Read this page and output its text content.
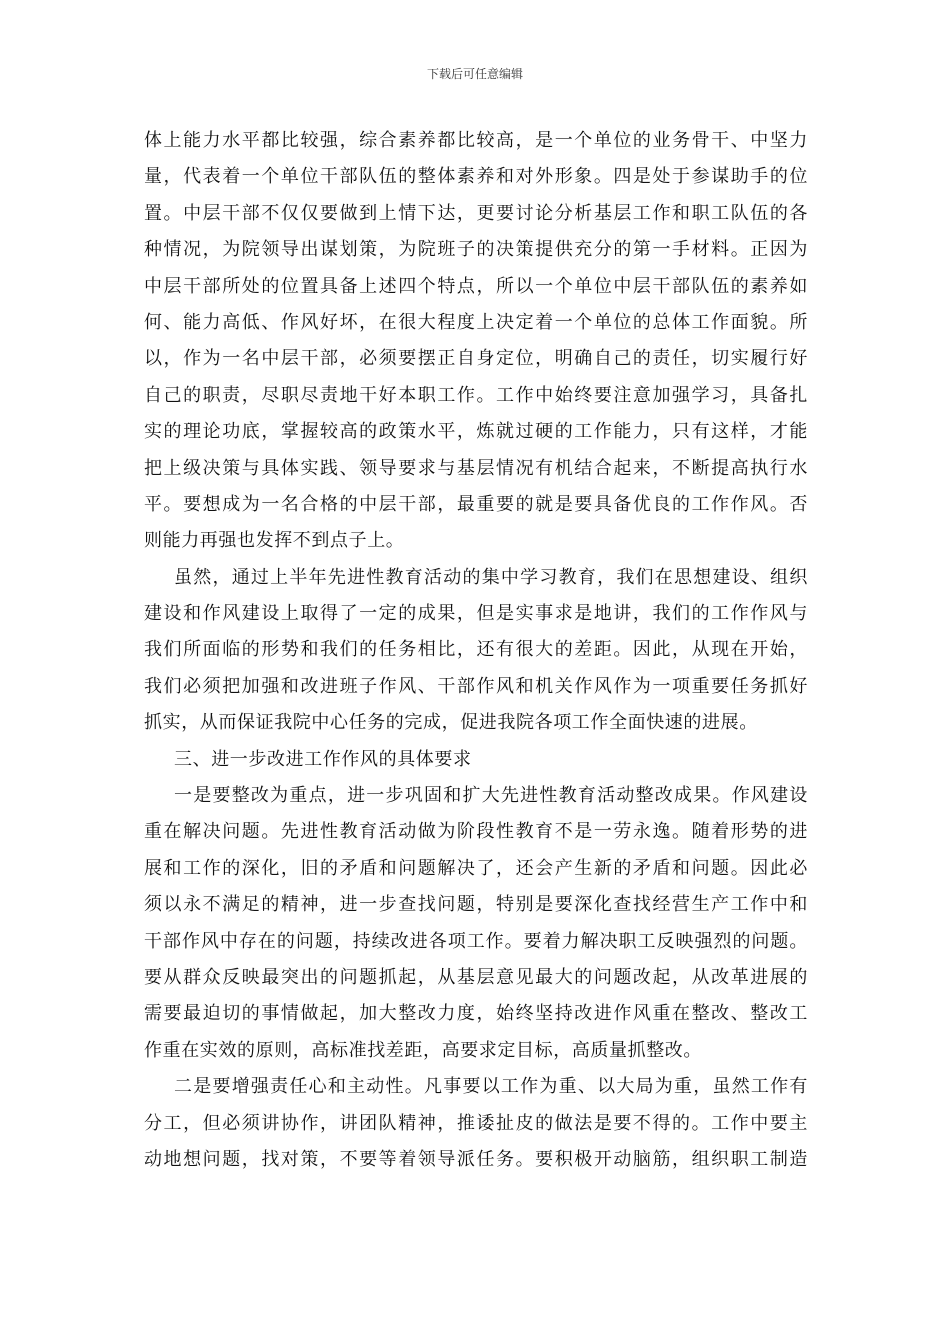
下载后可任意编辑
体上能力水平都比较强，综合素养都比较高，是一个单位的业务骨干、中坚力
量，代表着一个单位干部队伍的整体素养和对外形象。四是处于参谋助手的位
置。中层干部不仅仅要做到上情下达，更要讨论分析基层工作和职工队伍的各
种情况，为院领导出谋划策，为院班子的决策提供充分的第一手材料。正因为
中层干部所处的位置具备上述四个特点，所以一个单位中层干部队伍的素养如
何、能力高低、作风好坏，在很大程度上决定着一个单位的总体工作面貌。所
以，作为一名中层干部，必须要摆正自身定位，明确自己的责任，切实履行好
自己的职责，尽职尽责地干好本职工作。工作中始终要注意加强学习，具备扎
实的理论功底，掌握较高的政策水平，炼就过硬的工作能力，只有这样，才能
把上级决策与具体实践、领导要求与基层情况有机结合起来，不断提高执行水
平。要想成为一名合格的中层干部，最重要的就是要具备优良的工作作风。否
则能力再强也发挥不到点子上。
虽然，通过上半年先进性教育活动的集中学习教育，我们在思想建设、组织
建设和作风建设上取得了一定的成果，但是实事求是地讲，我们的工作作风与
我们所面临的形势和我们的任务相比，还有很大的差距。因此，从现在开始，
我们必须把加强和改进班子作风、干部作风和机关作风作为一项重要任务抓好
抓实，从而保证我院中心任务的完成，促进我院各项工作全面快速的进展。
三、进一步改进工作作风的具体要求
一是要整改为重点，进一步巩固和扩大先进性教育活动整改成果。作风建设
重在解决问题。先进性教育活动做为阶段性教育不是一劳永逸。随着形势的进
展和工作的深化，旧的矛盾和问题解决了，还会产生新的矛盾和问题。因此必
须以永不满足的精神，进一步查找问题，特别是要深化查找经营生产工作中和
干部作风中存在的问题，持续改进各项工作。要着力解决职工反映强烈的问题。
要从群众反映最突出的问题抓起，从基层意见最大的问题改起，从改革进展的
需要最迫切的事情做起，加大整改力度，始终坚持改进作风重在整改、整改工
作重在实效的原则，高标准找差距，高要求定目标，高质量抓整改。
二是要增强责任心和主动性。凡事要以工作为重、以大局为重，虽然工作有
分工，但必须讲协作，讲团队精神，推诿扯皮的做法是要不得的。工作中要主
动地想问题，找对策，不要等着领导派任务。要积极开动脑筋，组织职工制造
